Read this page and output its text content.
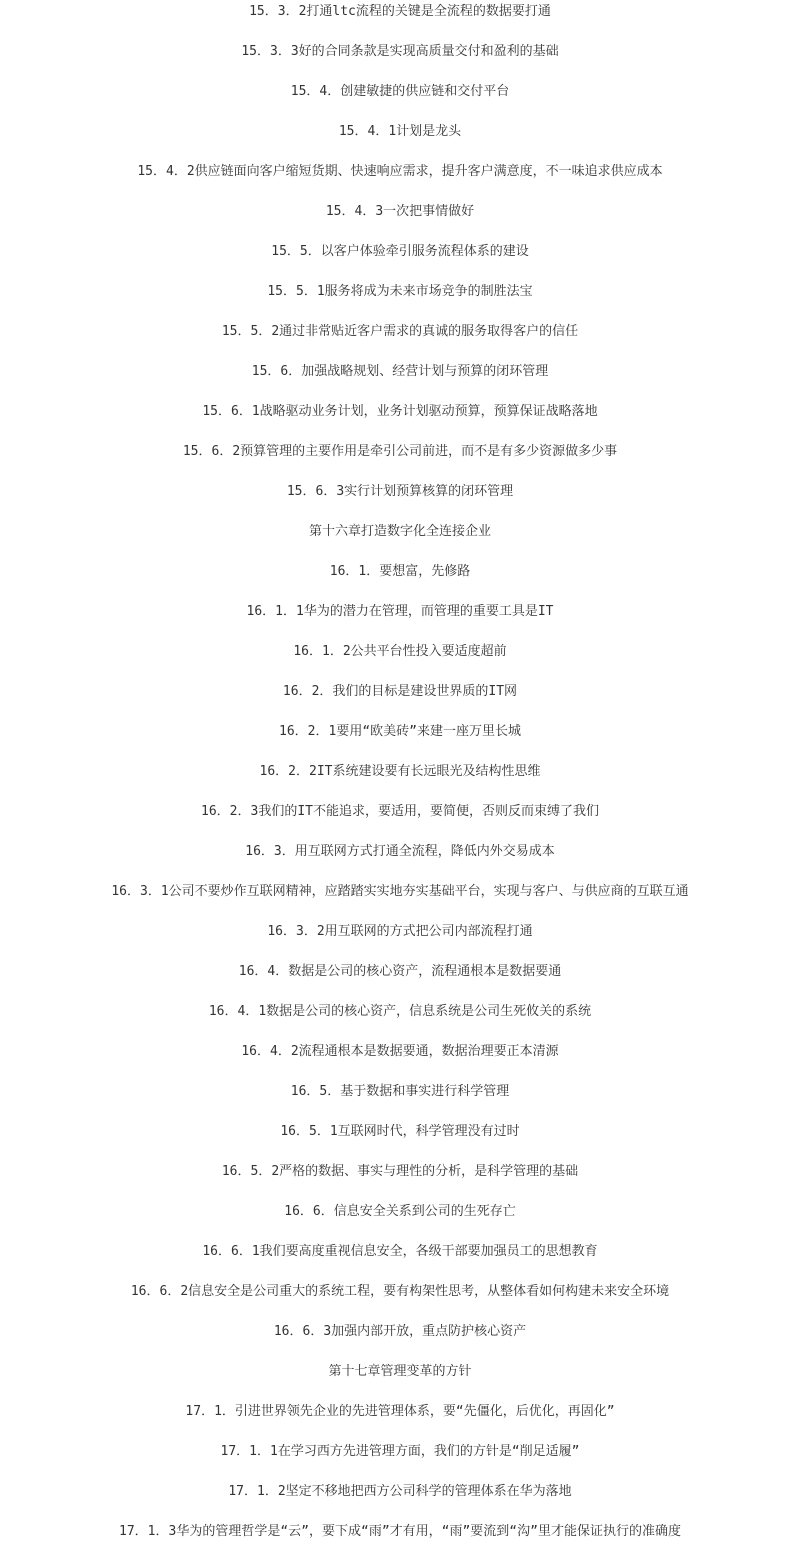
15．3．2打通ltc流程的关键是全流程的数据要打通
15．3．3好的合同条款是实现高质量交付和盈利的基础
15．4．创建敏捷的供应链和交付平台
15．4．1计划是龙头
15．4．2供应链面向客户缩短货期、快速响应需求，提升客户满意度，不一味追求供应成本
15．4．3一次把事情做好
15．5．以客户体验牵引服务流程体系的建设
15．5．1服务将成为未来市场竞争的制胜法宝
15．5．2通过非常贴近客户需求的真诚的服务取得客户的信任
15．6．加强战略规划、经营计划与预算的闭环管理
15．6．1战略驱动业务计划，业务计划驱动预算，预算保证战略落地
15．6．2预算管理的主要作用是牵引公司前进，而不是有多少资源做多少事
15．6．3实行计划预算核算的闭环管理
第十六章打造数字化全连接企业
16．1．要想富，先修路
16．1．1华为的潜力在管理，而管理的重要工具是IT
16．1．2公共平台性投入要适度超前
16．2．我们的目标是建设世界质的IT网
16．2．1要用“欧美砖”来建一座万里长城
16．2．2IT系统建设要有长远眼光及结构性思维
16．2．3我们的IT不能追求，要适用，要简便，否则反而束缚了我们
16．3．用互联网方式打通全流程，降低内外交易成本
16．3．1公司不要炒作互联网精神，应踏踏实实地夯实基础平台，实现与客户、与供应商的互联互通
16．3．2用互联网的方式把公司内部流程打通
16．4．数据是公司的核心资产，流程通根本是数据要通
16．4．1数据是公司的核心资产，信息系统是公司生死攸关的系统
16．4．2流程通根本是数据要通，数据治理要正本清源
16．5．基于数据和事实进行科学管理
16．5．1互联网时代，科学管理没有过时
16．5．2严格的数据、事实与理性的分析，是科学管理的基础
16．6．信息安全关系到公司的生死存亡
16．6．1我们要高度重视信息安全，各级干部要加强员工的思想教育
16．6．2信息安全是公司重大的系统工程，要有构架性思考，从整体看如何构建未来安全环境
16．6．3加强内部开放，重点防护核心资产
第十七章管理变革的方针
17．1．引进世界领先企业的先进管理体系，要“先僵化，后优化，再固化”
17．1．1在学习西方先进管理方面，我们的方针是“削足适履”
17．1．2坚定不移地把西方公司科学的管理体系在华为落地
17．1．3华为的管理哲学是“云”，要下成“雨”才有用，“雨”要流到“沟”里才能保证执行的准确度
